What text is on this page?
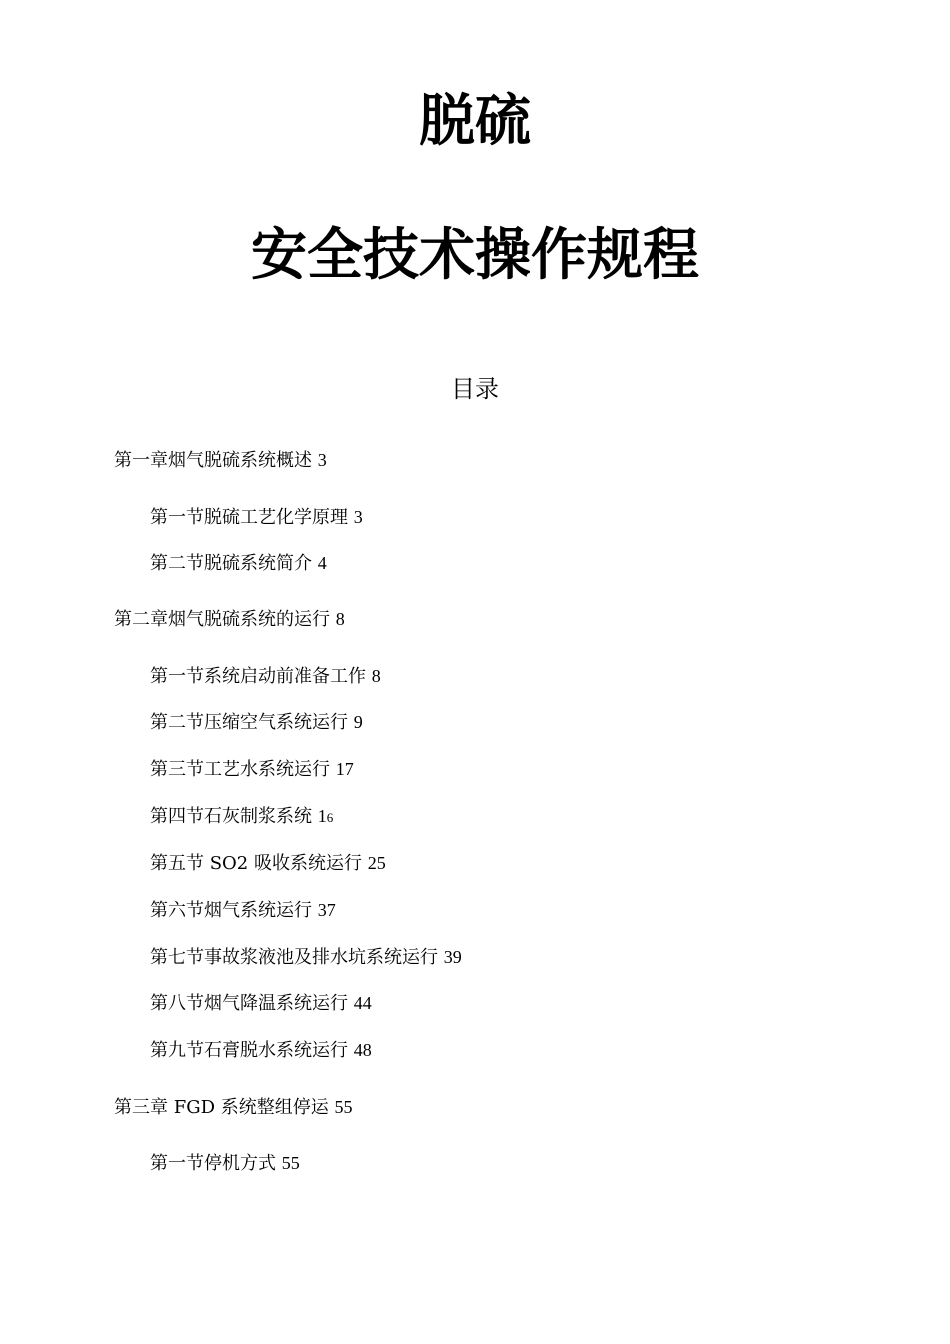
脱硫
安全技术操作规程
目录
第一章烟气脱硫系统概述 3
第一节脱硫工艺化学原理 3
第二节脱硫系统简介 4
第二章烟气脱硫系统的运行 8
第一节系统启动前准备工作 8
第二节压缩空气系统运行 9
第三节工艺水系统运行 17
第四节石灰制浆系统 16
第五节 SO2 吸收系统运行 25
第六节烟气系统运行 37
第七节事故浆液池及排水坑系统运行 39
第八节烟气降温系统运行 44
第九节石膏脱水系统运行 48
第三章 FGD 系统整组停运 55
第一节停机方式 55
